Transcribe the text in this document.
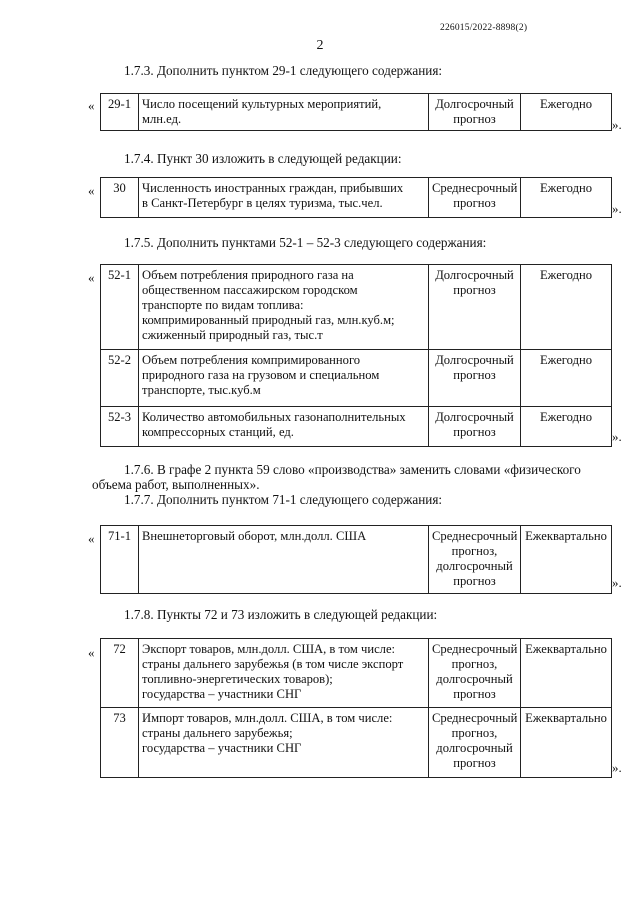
226015/2022-8898(2)
2
1.7.3. Дополнить пунктом 29-1 следующего содержания:
« 29-1	Число посещений культурных мероприятий,
млн.ед.	Долгосрочный
прогноз	Ежегодно
».
1.7.4. Пункт 30 изложить в следующей редакции:
« 30	Численность иностранных граждан, прибывших
в Санкт-Петербург в целях туризма, тыс.чел.	Среднесрочный
прогноз	Ежегодно
».
1.7.5. Дополнить пунктами 52-1 – 52-3 следующего содержания:
« 52-1	Объем потребления природного газа на
общественном пассажирском городском
транспорте по видам топлива:
компримированный природный газ, млн.куб.м;
сжиженный природный газ, тыс.т	Долгосрочный
прогноз	Ежегодно
52-2	Объем потребления компримированного
природного газа на грузовом и специальном
транспорте, тыс.куб.м	Долгосрочный
прогноз	Ежегодно
52-3	Количество автомобильных газонаполнительных
компрессорных станций, ед.	Долгосрочный
прогноз	Ежегодно
».
1.7.6. В графе 2 пункта 59 слово «производства» заменить словами «физического
объема работ, выполненных».
1.7.7. Дополнить пунктом 71-1 следующего содержания:
« 71-1	Внешнеторговый оборот, млн.долл. США	Среднесрочный
прогноз,
долгосрочный
прогноз	Ежеквартально
».
1.7.8. Пункты 72 и 73 изложить в следующей редакции:
« 72	Экспорт товаров, млн.долл. США, в том числе:
страны дальнего зарубежья (в том числе экспорт
топливно-энергетических товаров);
государства – участники СНГ	Среднесрочный
прогноз,
долгосрочный
прогноз	Ежеквартально
73	Импорт товаров, млн.долл. США, в том числе:
страны дальнего зарубежья;
государства – участники СНГ	Среднесрочный
прогноз,
долгосрочный
прогноз	Ежеквартально
».
